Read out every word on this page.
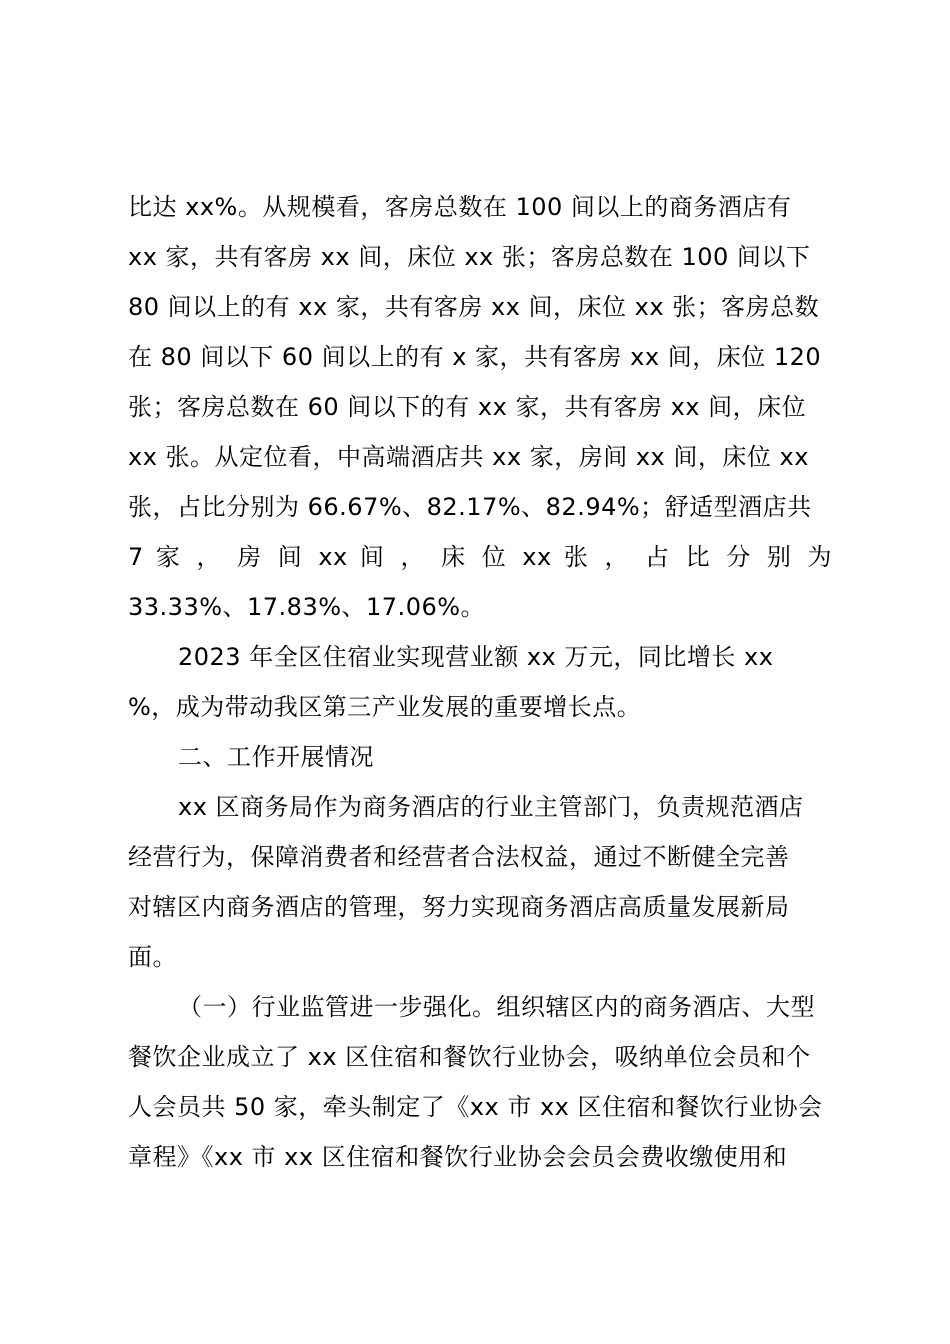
比达 xx%。从规模看，客房总数在 100 间以上的商务酒店有
xx 家，共有客房 xx 间，床位 xx 张；客房总数在 100 间以下
80 间以上的有 xx 家，共有客房 xx 间，床位 xx 张；客房总数
在 80 间以下 60 间以上的有 x 家，共有客房 xx 间，床位 120
张；客房总数在 60 间以下的有 xx 家，共有客房 xx 间，床位
xx 张。从定位看，中高端酒店共 xx 家，房间 xx 间，床位 xx
张，占比分别为 66.67%、82.17%、82.94%；舒适型酒店共
7 家 ， 房 间 xx 间 ， 床 位 xx 张 ， 占 比 分 别 为
33.33%、17.83%、17.06%。
2023 年全区住宿业实现营业额 xx 万元，同比增长 xx
%，成为带动我区第三产业发展的重要增长点。
二、工作开展情况
xx 区商务局作为商务酒店的行业主管部门，负责规范酒店
经营行为，保障消费者和经营者合法权益，通过不断健全完善
对辖区内商务酒店的管理，努力实现商务酒店高质量发展新局
面。
（一）行业监管进一步强化。组织辖区内的商务酒店、大型
餐饮企业成立了 xx 区住宿和餐饮行业协会，吸纳单位会员和个
人会员共 50 家，牵头制定了《xx 市 xx 区住宿和餐饮行业协会
章程》《xx 市 xx 区住宿和餐饮行业协会会员会费收缴使用和
